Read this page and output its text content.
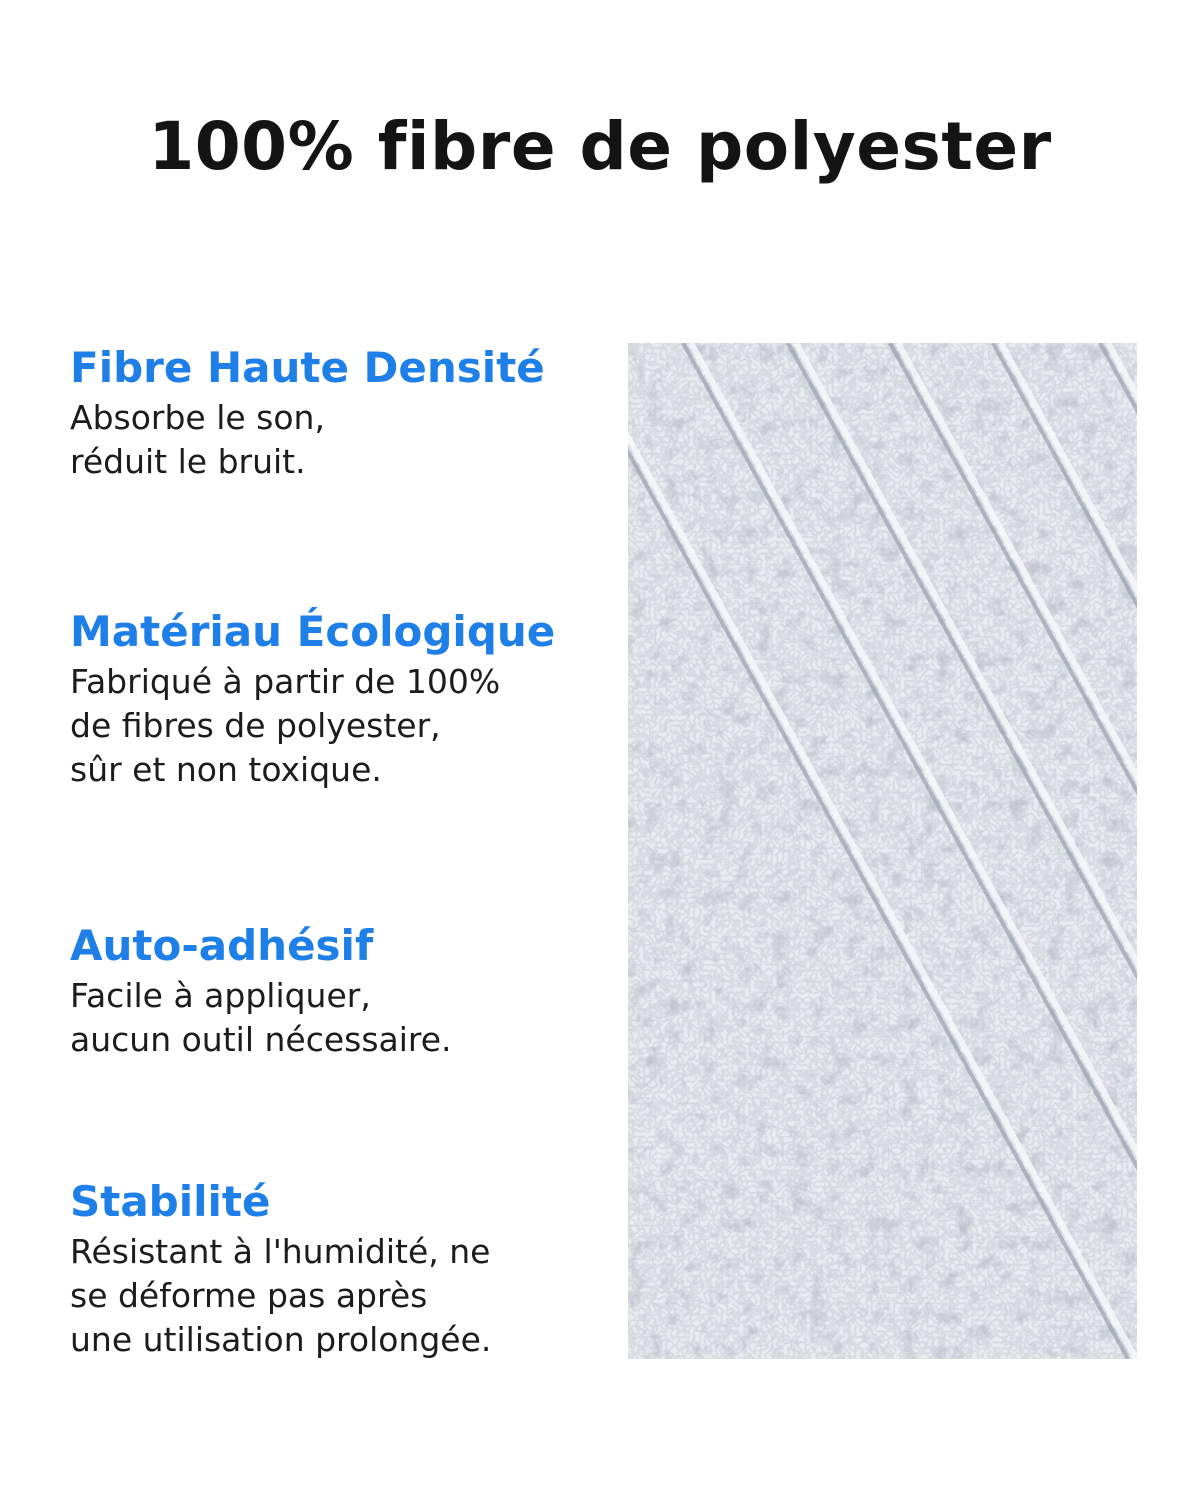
100% fibre de polyester
Fibre Haute Densité

Absorbe le son,
réduit le bruit.

Matériau Écologique

Fabriqué à partir de 100%
de fibres de polyester,
sûr et non toxique.

Auto-adhésif

Facile à appliquer,
aucun outil nécessaire.

Stabilité

Résistant à l'humidité, ne
se déforme pas après
une utilisation prolongée.
